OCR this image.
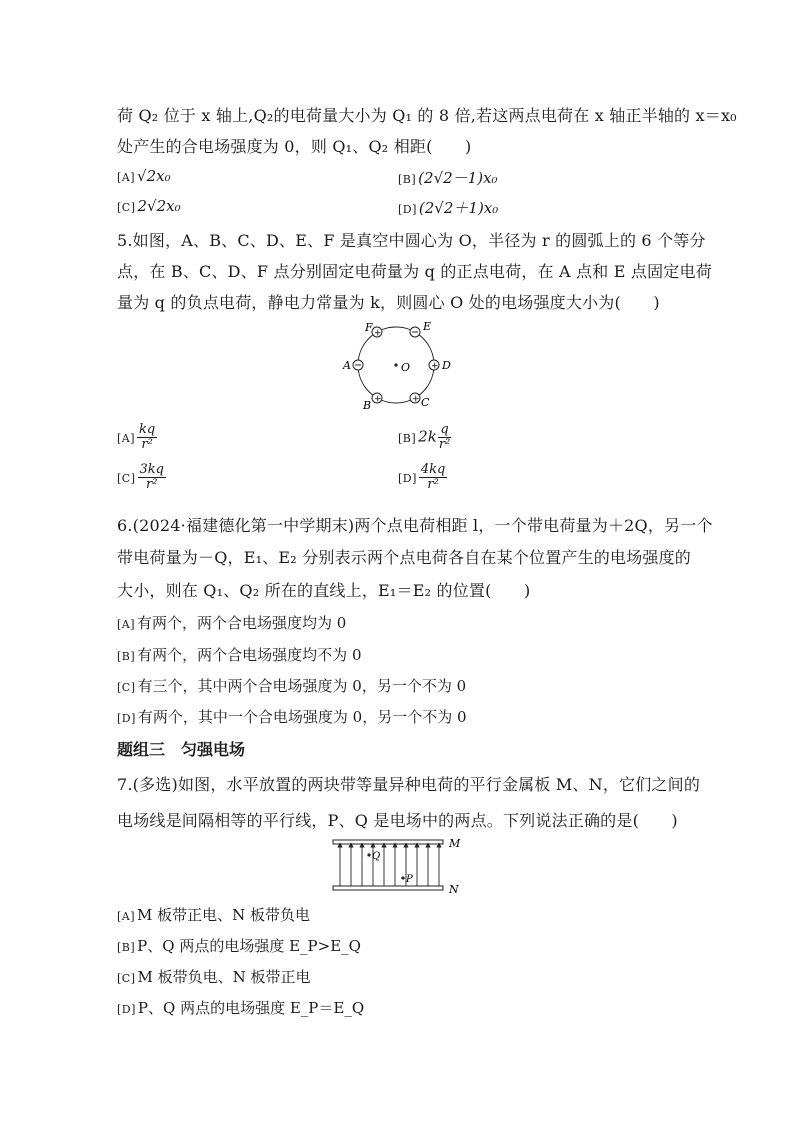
荷 Q₂ 位于 x 轴上,Q₂的电荷量大小为 Q₁ 的 8 倍,若这两点电荷在 x 轴正半轴的 x＝x₀
处产生的合电场强度为 0，则 Q₁、Q₂ 相距(　　)
[A] √2x₀	[B] (2√2－1)x₀
[C] 2√2x₀	[D] (2√2＋1)x₀
5.如图，A、B、C、D、E、F 是真空中圆心为 O，半径为 r 的圆弧上的 6 个等分
点，在 B、C、D、F 点分别固定电荷量为 q 的正点电荷，在 A 点和 E 点固定电荷
量为 q 的负点电荷，静电力常量为 k，则圆心 O 处的电场强度大小为(　　)
O
+
F	E
A	+ D
+
B	+ C
$[A] \frac{kq}{\text{r²}}$	[B] $2k \frac{q}{\text{r²}}$
$[C] \frac{3kq}{\text{r²}}$	$[D] \frac{4kq}{\text{r²}}$
6.(2024·福建德化第一中学期末)两个点电荷相距 l，一个带电荷量为＋2Q，另一个
带电荷量为－Q，E₁、E₂ 分别表示两个点电荷各自在某个位置产生的电场强度的
大小，则在 Q₁、Q₂ 所在的直线上，E₁＝E₂ 的位置(　　)
[A] 有两个，两个合电场强度均为 0
[B] 有两个，两个合电场强度均不为 0
[C] 有三个，其中两个合电场强度为 0，另一个不为 0
[D] 有两个，其中一个合电场强度为 0，另一个不为 0
题组三　匀强电场
7.(多选)如图，水平放置的两块带等量异种电荷的平行金属板 M、N，它们之间的
电场线是间隔相等的平行线，P、Q 是电场中的两点。下列说法正确的是(　　)
Q
P
M
N
[A] M 板带正电、N 板带负电
[B] P、Q 两点的电场强度 E_P>E_Q
[C] M 板带负电、N 板带正电
[D] P、Q 两点的电场强度 E_P＝E_Q
